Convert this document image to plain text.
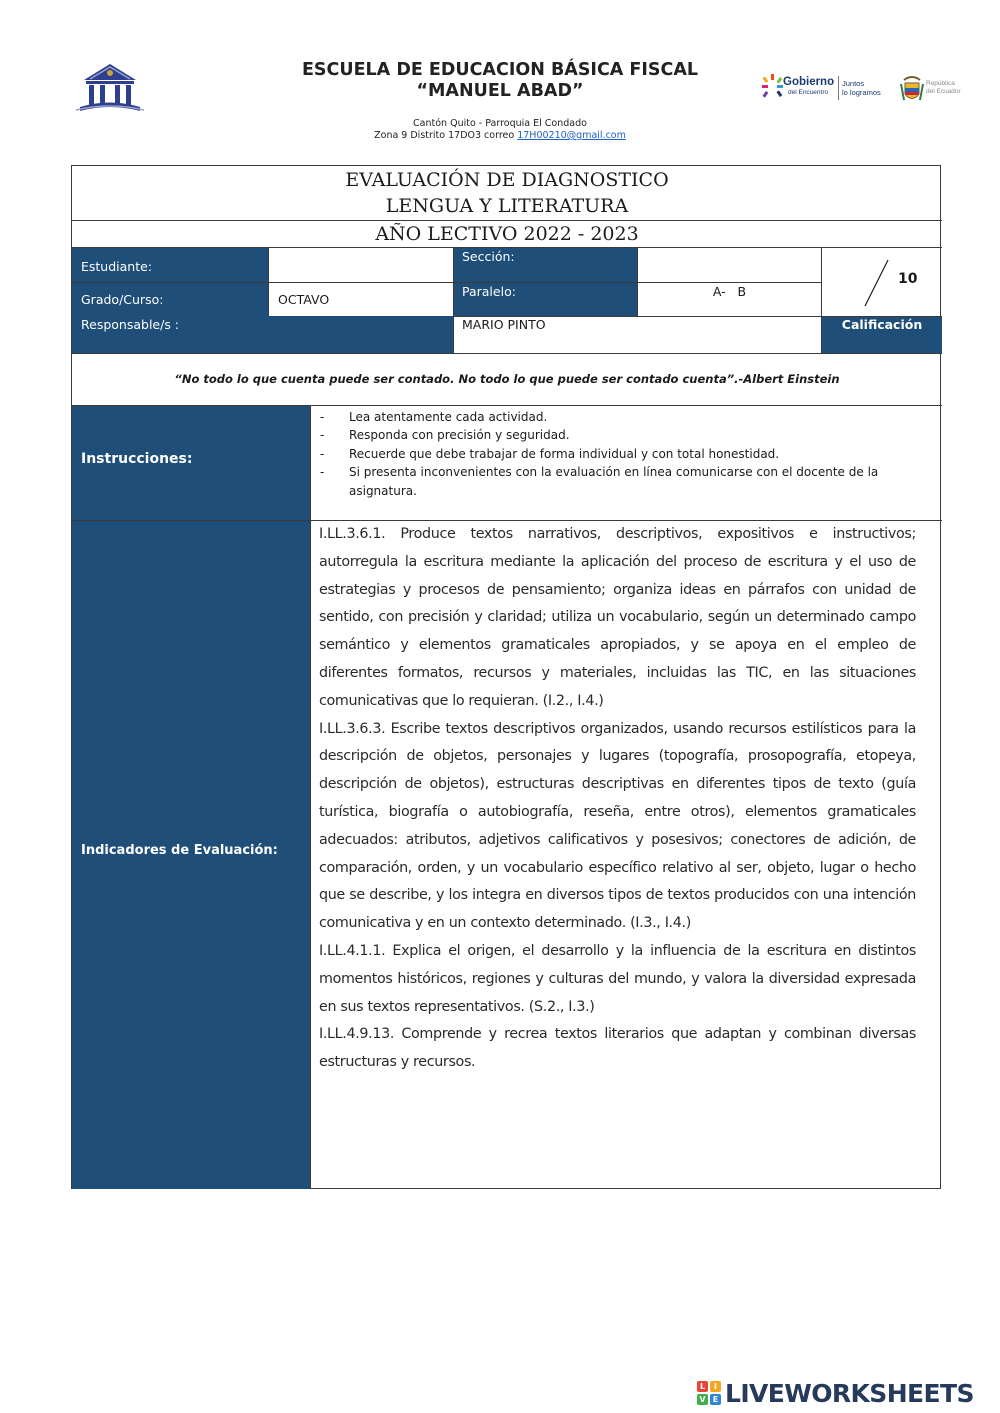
ESCUELA DE EDUCACION BÁSICA FISCAL
“MANUEL ABAD”
Cantón Quito - Parroquia El Condado
Zona 9 Distrito 17DO3 correo 17H00210@gmail.com
Gobierno
del Encuentro
Juntos
lo logramos
República
del Ecuador
EVALUACIÓN DE DIAGNOSTICO
LENGUA Y LITERATURA
AÑO LECTIVO 2022 - 2023
Estudiante:
Grado/Curso:
Responsable/s :
Sección:
Paralelo:
Calificación
OCTAVO
A-   B
MARIO PINTO
10
“No todo lo que cuenta puede ser contado. No todo lo que puede ser contado cuenta”.-Albert Einstein
Instrucciones:
- Lea atentamente cada actividad.
- Responda con precisión y seguridad.
- Recuerde que debe trabajar de forma individual y con total honestidad.
- Si presenta inconvenientes con la evaluación en línea comunicarse con el docente de la asignatura.
Indicadores de Evaluación:

I.LL.3.6.1. Produce textos narrativos, descriptivos, expositivos e instructivos; autorregula la escritura mediante la aplicación del proceso de escritura y el uso de estrategias y procesos de pensamiento; organiza ideas en párrafos con unidad de sentido, con precisión y claridad; utiliza un vocabulario, según un determinado campo semántico y elementos gramaticales apropiados, y se apoya en el empleo de diferentes formatos, recursos y materiales, incluidas las TIC, en las situaciones comunicativas que lo requieran. (I.2., I.4.)

I.LL.3.6.3. Escribe textos descriptivos organizados, usando recursos estilísticos para la descripción de objetos, personajes y lugares (topografía, prosopografía, etopeya, descripción de objetos), estructuras descriptivas en diferentes tipos de texto (guía turística, biografía o autobiografía, reseña, entre otros), elementos gramaticales adecuados: atributos, adjetivos calificativos y posesivos; conectores de adición, de comparación, orden, y un vocabulario específico relativo al ser, objeto, lugar o hecho que se describe, y los integra en diversos tipos de textos producidos con una intención comunicativa y en un contexto determinado. (I.3., I.4.)

I.LL.4.1.1. Explica el origen, el desarrollo y la influencia de la escritura en distintos momentos históricos, regiones y culturas del mundo, y valora la diversidad expresada en sus textos representativos. (S.2., I.3.)

I.LL.4.9.13. Comprende y recrea textos literarios que adaptan y combinan diversas estructuras y recursos.

L	I
V E LIVEWORKSHEETS
